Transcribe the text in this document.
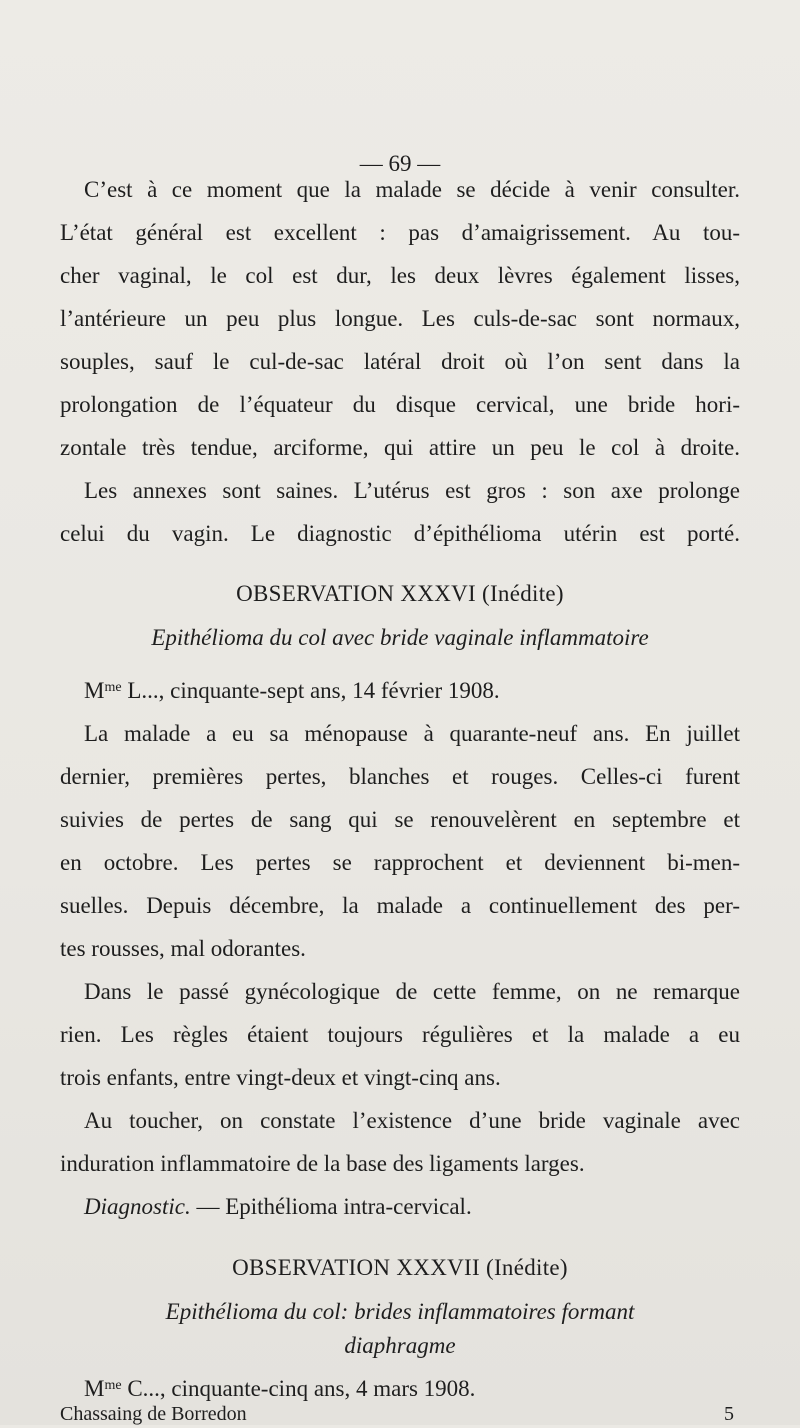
— 69 —
C’est à ce moment que la malade se décide à venir consulter.
L’état général est excellent : pas d’amaigrissement. Au tou-
cher vaginal, le col est dur, les deux lèvres également lisses,
l’antérieure un peu plus longue. Les culs-de-sac sont normaux,
souples, sauf le cul-de-sac latéral droit où l’on sent dans la
prolongation de l’équateur du disque cervical, une bride hori-
zontale très tendue, arciforme, qui attire un peu le col à droite.
Les annexes sont saines. L’utérus est gros : son axe prolonge
celui du vagin. Le diagnostic d’épithélioma utérin est porté.
OBSERVATION XXXVI (Inédite)
Epithélioma du col avec bride vaginale inflammatoire
$M^{me}$ L..., cinquante-sept ans, 14 février 1908.
La malade a eu sa ménopause à quarante-neuf ans. En juillet
dernier, premières pertes, blanches et rouges. Celles-ci furent
suivies de pertes de sang qui se renouvelèrent en septembre et
en octobre. Les pertes se rapprochent et deviennent bi-men-
suelles. Depuis décembre, la malade a continuellement des per-
tes rousses, mal odorantes.
Dans le passé gynécologique de cette femme, on ne remarque
rien. Les règles étaient toujours régulières et la malade a eu
trois enfants, entre vingt-deux et vingt-cinq ans.
Au toucher, on constate l’existence d’une bride vaginale avec
induration inflammatoire de la base des ligaments larges.
Diagnostic. — Epithélioma intra-cervical.
OBSERVATION XXXVII (Inédite)
Epithélioma du col: brides inflammatoires formant
diaphragme
$M^{me}$ C..., cinquante-cinq ans, 4 mars 1908.
Chassaing de Borredon	5
